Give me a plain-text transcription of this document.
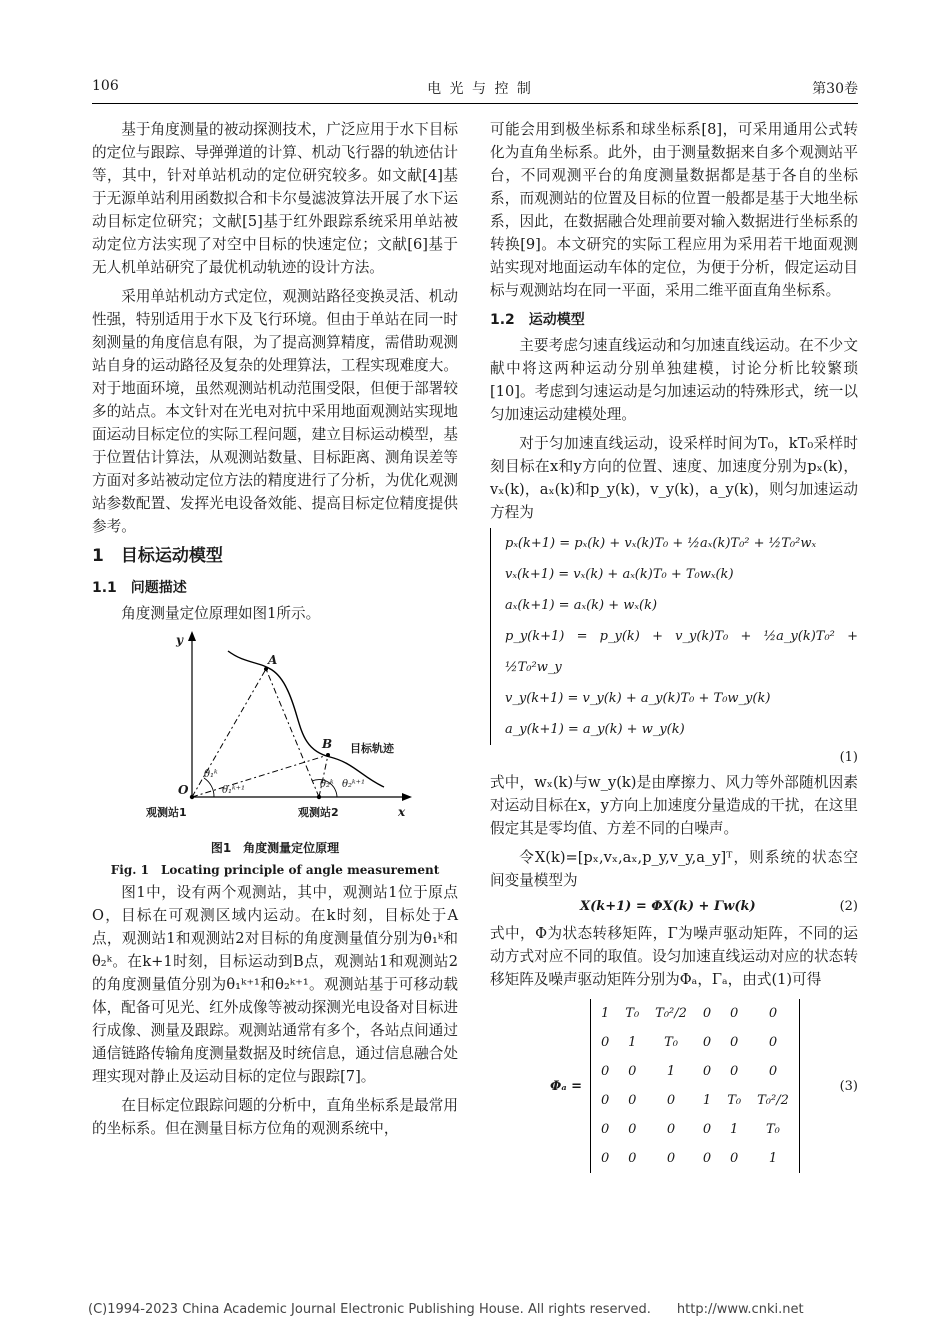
106	电 光 与 控 制	第30卷

基于角度测量的被动探测技术，广泛应用于水下目标的定位与跟踪、导弹弹道的计算、机动飞行器的轨迹估计等，其中，针对单站机动的定位研究较多。如文献[4]基于无源单站利用函数拟合和卡尔曼滤波算法开展了水下运动目标定位研究；文献[5]基于红外跟踪系统采用单站被动定位方法实现了对空中目标的快速定位；文献[6]基于无人机单站研究了最优机动轨迹的设计方法。

采用单站机动方式定位，观测站路径变换灵活、机动性强，特别适用于水下及飞行环境。但由于单站在同一时刻测量的角度信息有限，为了提高测算精度，需借助观测站自身的运动路径及复杂的处理算法，工程实现难度大。对于地面环境，虽然观测站机动范围受限，但便于部署较多的站点。本文针对在光电对抗中采用地面观测站实现地面运动目标定位的实际工程问题，建立目标运动模型，基于位置估计算法，从观测站数量、目标距离、测角误差等方面对多站被动定位方法的精度进行了分析，为优化观测站参数配置、发挥光电设备效能、提高目标定位精度提供参考。

1　目标运动模型

1.1　问题描述

角度测量定位原理如图1所示。

y
x
O
A
B 目标轨迹
θ₁ᵏ
θ₁ᵏ⁺¹
θ₂ᵏ θ₂ᵏ⁺¹
观测站1	观测站2
图1　角度测量定位原理
Fig. 1　Locating principle of angle measurement

图1中，设有两个观测站，其中，观测站1位于原点O，目标在可观测区域内运动。在k时刻，目标处于A点，观测站1和观测站2对目标的角度测量值分别为θ₁ᵏ和θ₂ᵏ。在k+1时刻，目标运动到B点，观测站1和观测站2的角度测量值分别为θ₁ᵏ⁺¹和θ₂ᵏ⁺¹。观测站基于可移动载体，配备可见光、红外成像等被动探测光电设备对目标进行成像、测量及跟踪。观测站通常有多个，各站点间通过通信链路传输角度测量数据及时统信息，通过信息融合处理实现对静止及运动目标的定位与跟踪[7]。

在目标定位跟踪问题的分析中，直角坐标系是最常用的坐标系。但在测量目标方位角的观测系统中，

可能会用到极坐标系和球坐标系[8]，可采用通用公式转化为直角坐标系。此外，由于测量数据来自多个观测站平台，不同观测平台的角度测量数据都是基于各自的坐标系，而观测站的位置及目标的位置一般都是基于大地坐标系，因此，在数据融合处理前要对输入数据进行坐标系的转换[9]。本文研究的实际工程应用为采用若干地面观测站实现对地面运动车体的定位，为便于分析，假定运动目标与观测站均在同一平面，采用二维平面直角坐标系。

1.2　运动模型

主要考虑匀速直线运动和匀加速直线运动。在不少文献中将这两种运动分别单独建模，讨论分析比较繁琐[10]。考虑到匀速运动是匀加速运动的特殊形式，统一以匀加速运动建模处理。

对于匀加速直线运动，设采样时间为T₀，kT₀采样时刻目标在x和y方向的位置、速度、加速度分别为pₓ(k)，vₓ(k)，aₓ(k)和p_y(k)，v_y(k)，a_y(k)，则匀加速运动方程为

pₓ(k+1) = pₓ(k) + vₓ(k)T₀ + ½aₓ(k)T₀² + ½T₀²wₓ
vₓ(k+1) = vₓ(k) + aₓ(k)T₀ + T₀wₓ(k)
aₓ(k+1) = aₓ(k) + wₓ(k)
p_y(k+1) = p_y(k) + v_y(k)T₀ + ½a_y(k)T₀² + ½T₀²w_y
v_y(k+1) = v_y(k) + a_y(k)T₀ + T₀w_y(k)
a_y(k+1) = a_y(k) + w_y(k)
(1)

式中，wₓ(k)与w_y(k)是由摩擦力、风力等外部随机因素对运动目标在x，y方向上加速度分量造成的干扰，在这里假定其是零均值、方差不同的白噪声。

令X(k)=[pₓ,vₓ,aₓ,p_y,v_y,a_y]ᵀ，则系统的状态空间变量模型为

X(k+1) = ΦX(k) + Γw(k)	(2)

式中，Φ为状态转移矩阵，Γ为噪声驱动矩阵，不同的运动方式对应不同的取值。设匀加速直线运动对应的状态转移矩阵及噪声驱动矩阵分别为Φₐ，Γₐ，由式(1)可得

Φₐ =
1	T₀	T₀²/2	0	0	0
0	1	T₀	0	0	0
0	0	1	0	0	0
0	0	0	1	T₀	T₀²/2
0	0	0	0	1	T₀
0	0	0	0	0	1
(3)
(C)1994-2023 China Academic Journal Electronic Publishing House. All rights reserved.　　http://www.cnki.net
